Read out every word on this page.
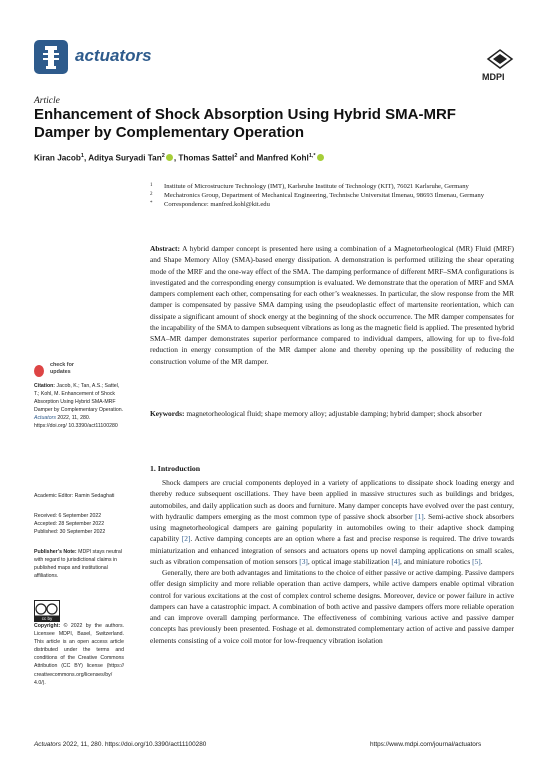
actuators
MDPI
Article
Enhancement of Shock Absorption Using Hybrid SMA-MRF Damper by Complementary Operation
Kiran Jacob$^1$, Aditya Suryadi Tan$^2$ , Thomas Sattel$^2$ and Manfred Kohl$^{1,*}$
1 Institute of Microstructure Technology (IMT), Karlsruhe Institute of Technology (KIT), 76021 Karlsruhe, Germany
2 Mechatronics Group, Department of Mechanical Engineering, Technische Universitat Ilmenau, 98693 Ilmenau, Germany
* Correspondence: manfred.kohl@kit.edu
Abstract: A hybrid damper concept is presented here using a combination of a Magnetorheological (MR) Fluid (MRF) and Shape Memory Alloy (SMA)-based energy dissipation. A demonstration is performed utilizing the shear operating mode of the MRF and the one-way effect of the SMA. The damping performance of different MRF–SMA configurations is investigated and the corresponding energy consumption is evaluated. We demonstrate that the operation of MRF and SMA dampers complement each other, compensating for each other’s weaknesses. In particular, the slow response from the MR damper is compensated by passive SMA damping using the pseudoplastic effect of martensite reorientation, which can dissipate a significant amount of shock energy at the beginning of the shock occurrence. The MR damper compensates for the incapability of the SMA to dampen subsequent vibrations as long as the magnetic field is applied. The presented hybrid SMA–MR damper demonstrates superior performance compared to individual dampers, allowing for up to five-fold reduction in energy consumption of the MR damper alone and thereby opening up the possibility of reducing the construction volume of the MR damper.
Keywords: magnetorheological fluid; shape memory alloy; adjustable damping; hybrid damper; shock absorber
1. Introduction

Shock dampers are crucial components deployed in a variety of applications to dissipate shock loading energy and thereby reduce subsequent oscillations. They have been applied in massive structures such as buildings and bridges, automobiles, and daily application such as doors and furniture. Many damper concepts have evolved over the past century, with hydraulic dampers emerging as the most common type of passive shock absorber [1]. Semi-active shock absorbers using magnetorheological dampers are gaining popularity in automobiles owing to their adaptive shock damping capability [2]. Active damping concepts are an option where a fast and precise response is required. The drive towards miniaturization and enhanced integration of sensors and actuators opens up novel damping applications on small scales, such as vibration compensation of motion sensors [3], optical image stabilization [4], and miniature robotics [5].

Generally, there are both advantages and limitations to the choice of either passive or active damping. Passive dampers offer design simplicity and more reliable operation than active dampers, while active dampers enable optimal vibration control for various excitations at the cost of complex control scheme designs. Moreover, device or power failure in active dampers can have a catastrophic impact. A combination of both active and passive dampers offers more reliable operation and can improve overall damping performance. The effectiveness of combining various active and passive damper concepts has previously been presented. Foshage et al. demonstrated complementary action of active and passive damper elements consisting of a voice coil motor for low-frequency vibration isolation

check for updates
Citation: Jacob, K.; Tan, A.S.; Sattel, T.; Kohl, M. Enhancement of Shock Absorption Using Hybrid SMA-MRF Damper by Complementary Operation. Actuators 2022, 11, 280. https://doi.org/ 10.3390/act11100280
Academic Editor: Ramin Sedaghati
Received: 6 September 2022
Accepted: 28 September 2022
Published: 30 September 2022
Publisher’s Note: MDPI stays neutral with regard to jurisdictional claims in published maps and institutional affiliations.
cc by
Copyright: © 2022 by the authors. Licensee MDPI, Basel, Switzerland. This article is an open access article distributed under the terms and conditions of the Creative Commons Attribution (CC BY) license (https:// creativecommons.org/licenses/by/ 4.0/).
Actuators 2022, 11, 280. https://doi.org/10.3390/act11100280	https://www.mdpi.com/journal/actuators
